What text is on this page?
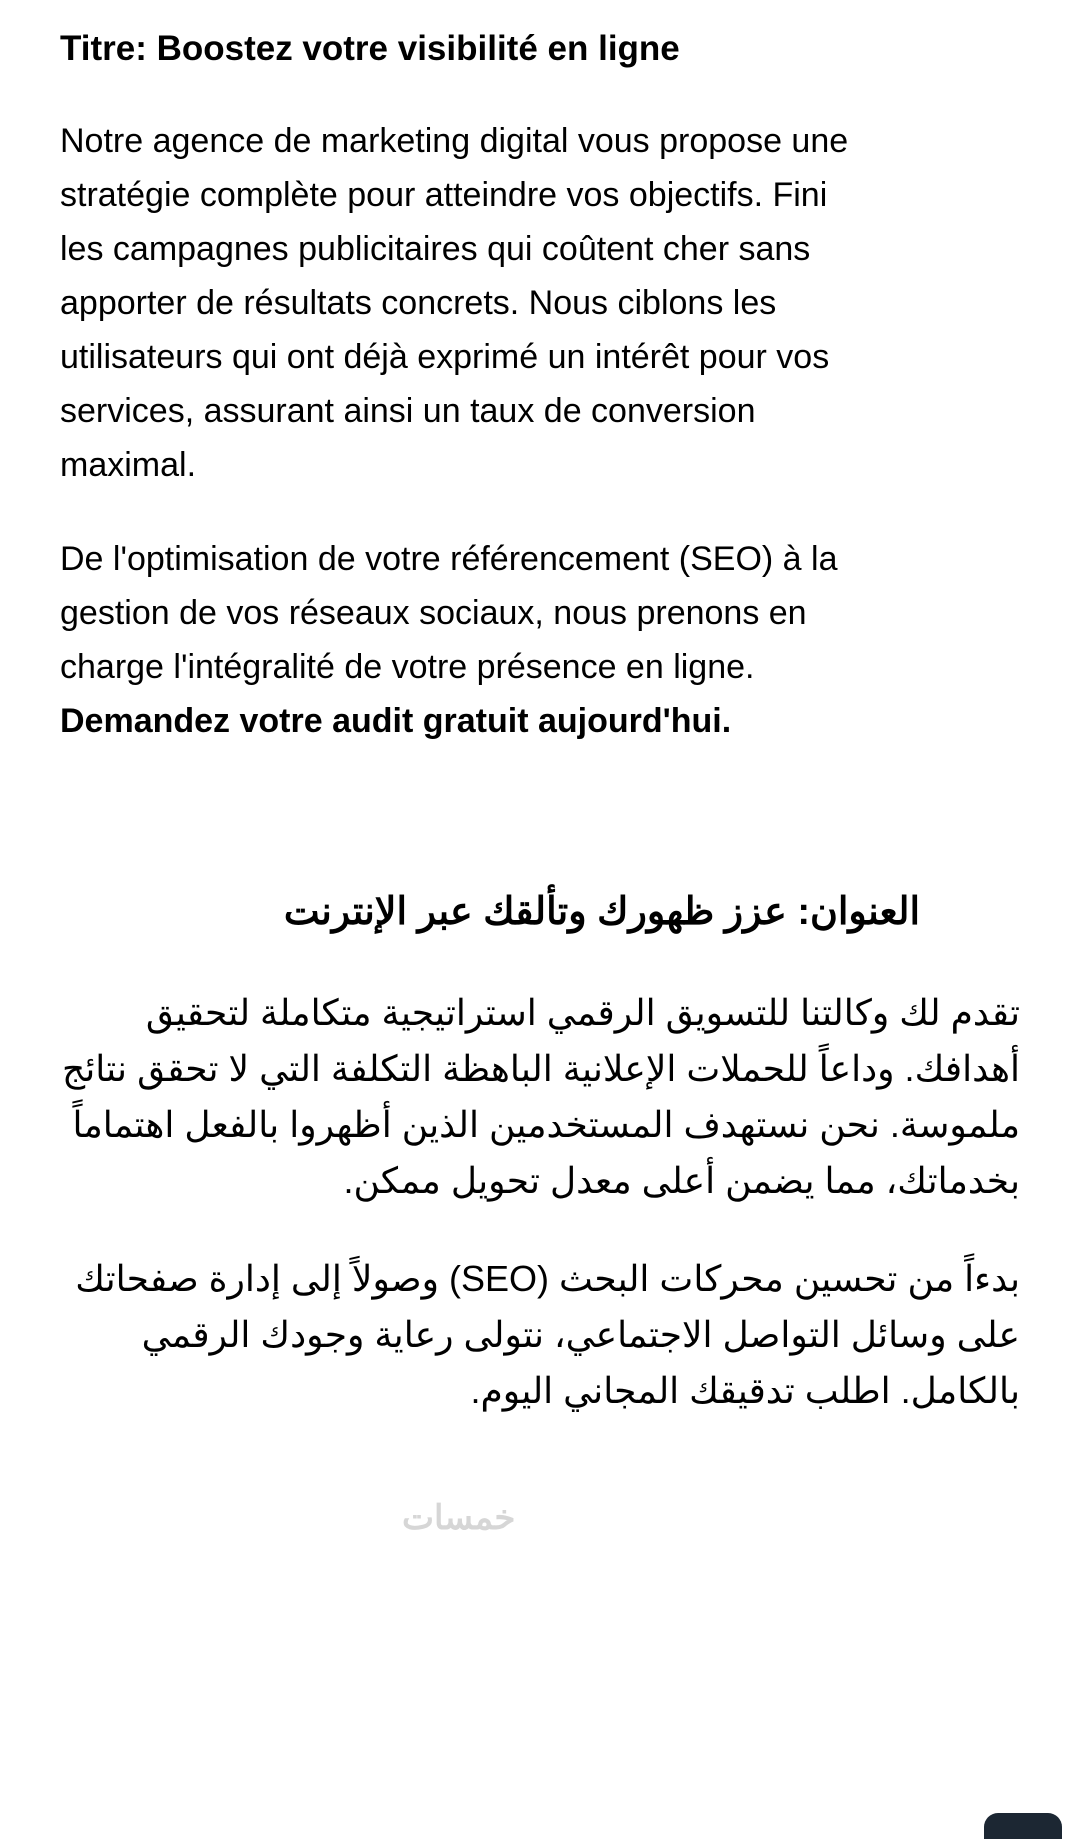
Titre: Boostez votre visibilité en ligne

Notre agence de marketing digital vous propose une stratégie complète pour atteindre vos objectifs. Fini les campagnes publicitaires qui coûtent cher sans apporter de résultats concrets. Nous ciblons les utilisateurs qui ont déjà exprimé un intérêt pour vos services, assurant ainsi un taux de conversion maximal.

De l'optimisation de votre référencement (SEO) à la gestion de vos réseaux sociaux, nous prenons en charge l'intégralité de votre présence en ligne. Demandez votre audit gratuit aujourd'hui.

العنوان: عزز ظهورك وتألقك عبر الإنترنت

تقدم لك وكالتنا للتسويق الرقمي استراتيجية متكاملة لتحقيق أهدافك. وداعاً للحملات الإعلانية الباهظة التكلفة التي لا تحقق نتائج ملموسة. نحن نستهدف المستخدمين الذين أظهروا بالفعل اهتماماً بخدماتك، مما يضمن أعلى معدل تحويل ممكن.

بدءاً من تحسين محركات البحث (SEO) وصولاً إلى إدارة صفحاتك على وسائل التواصل الاجتماعي، نتولى رعاية وجودك الرقمي بالكامل. اطلب تدقيقك المجاني اليوم.

خمسات
